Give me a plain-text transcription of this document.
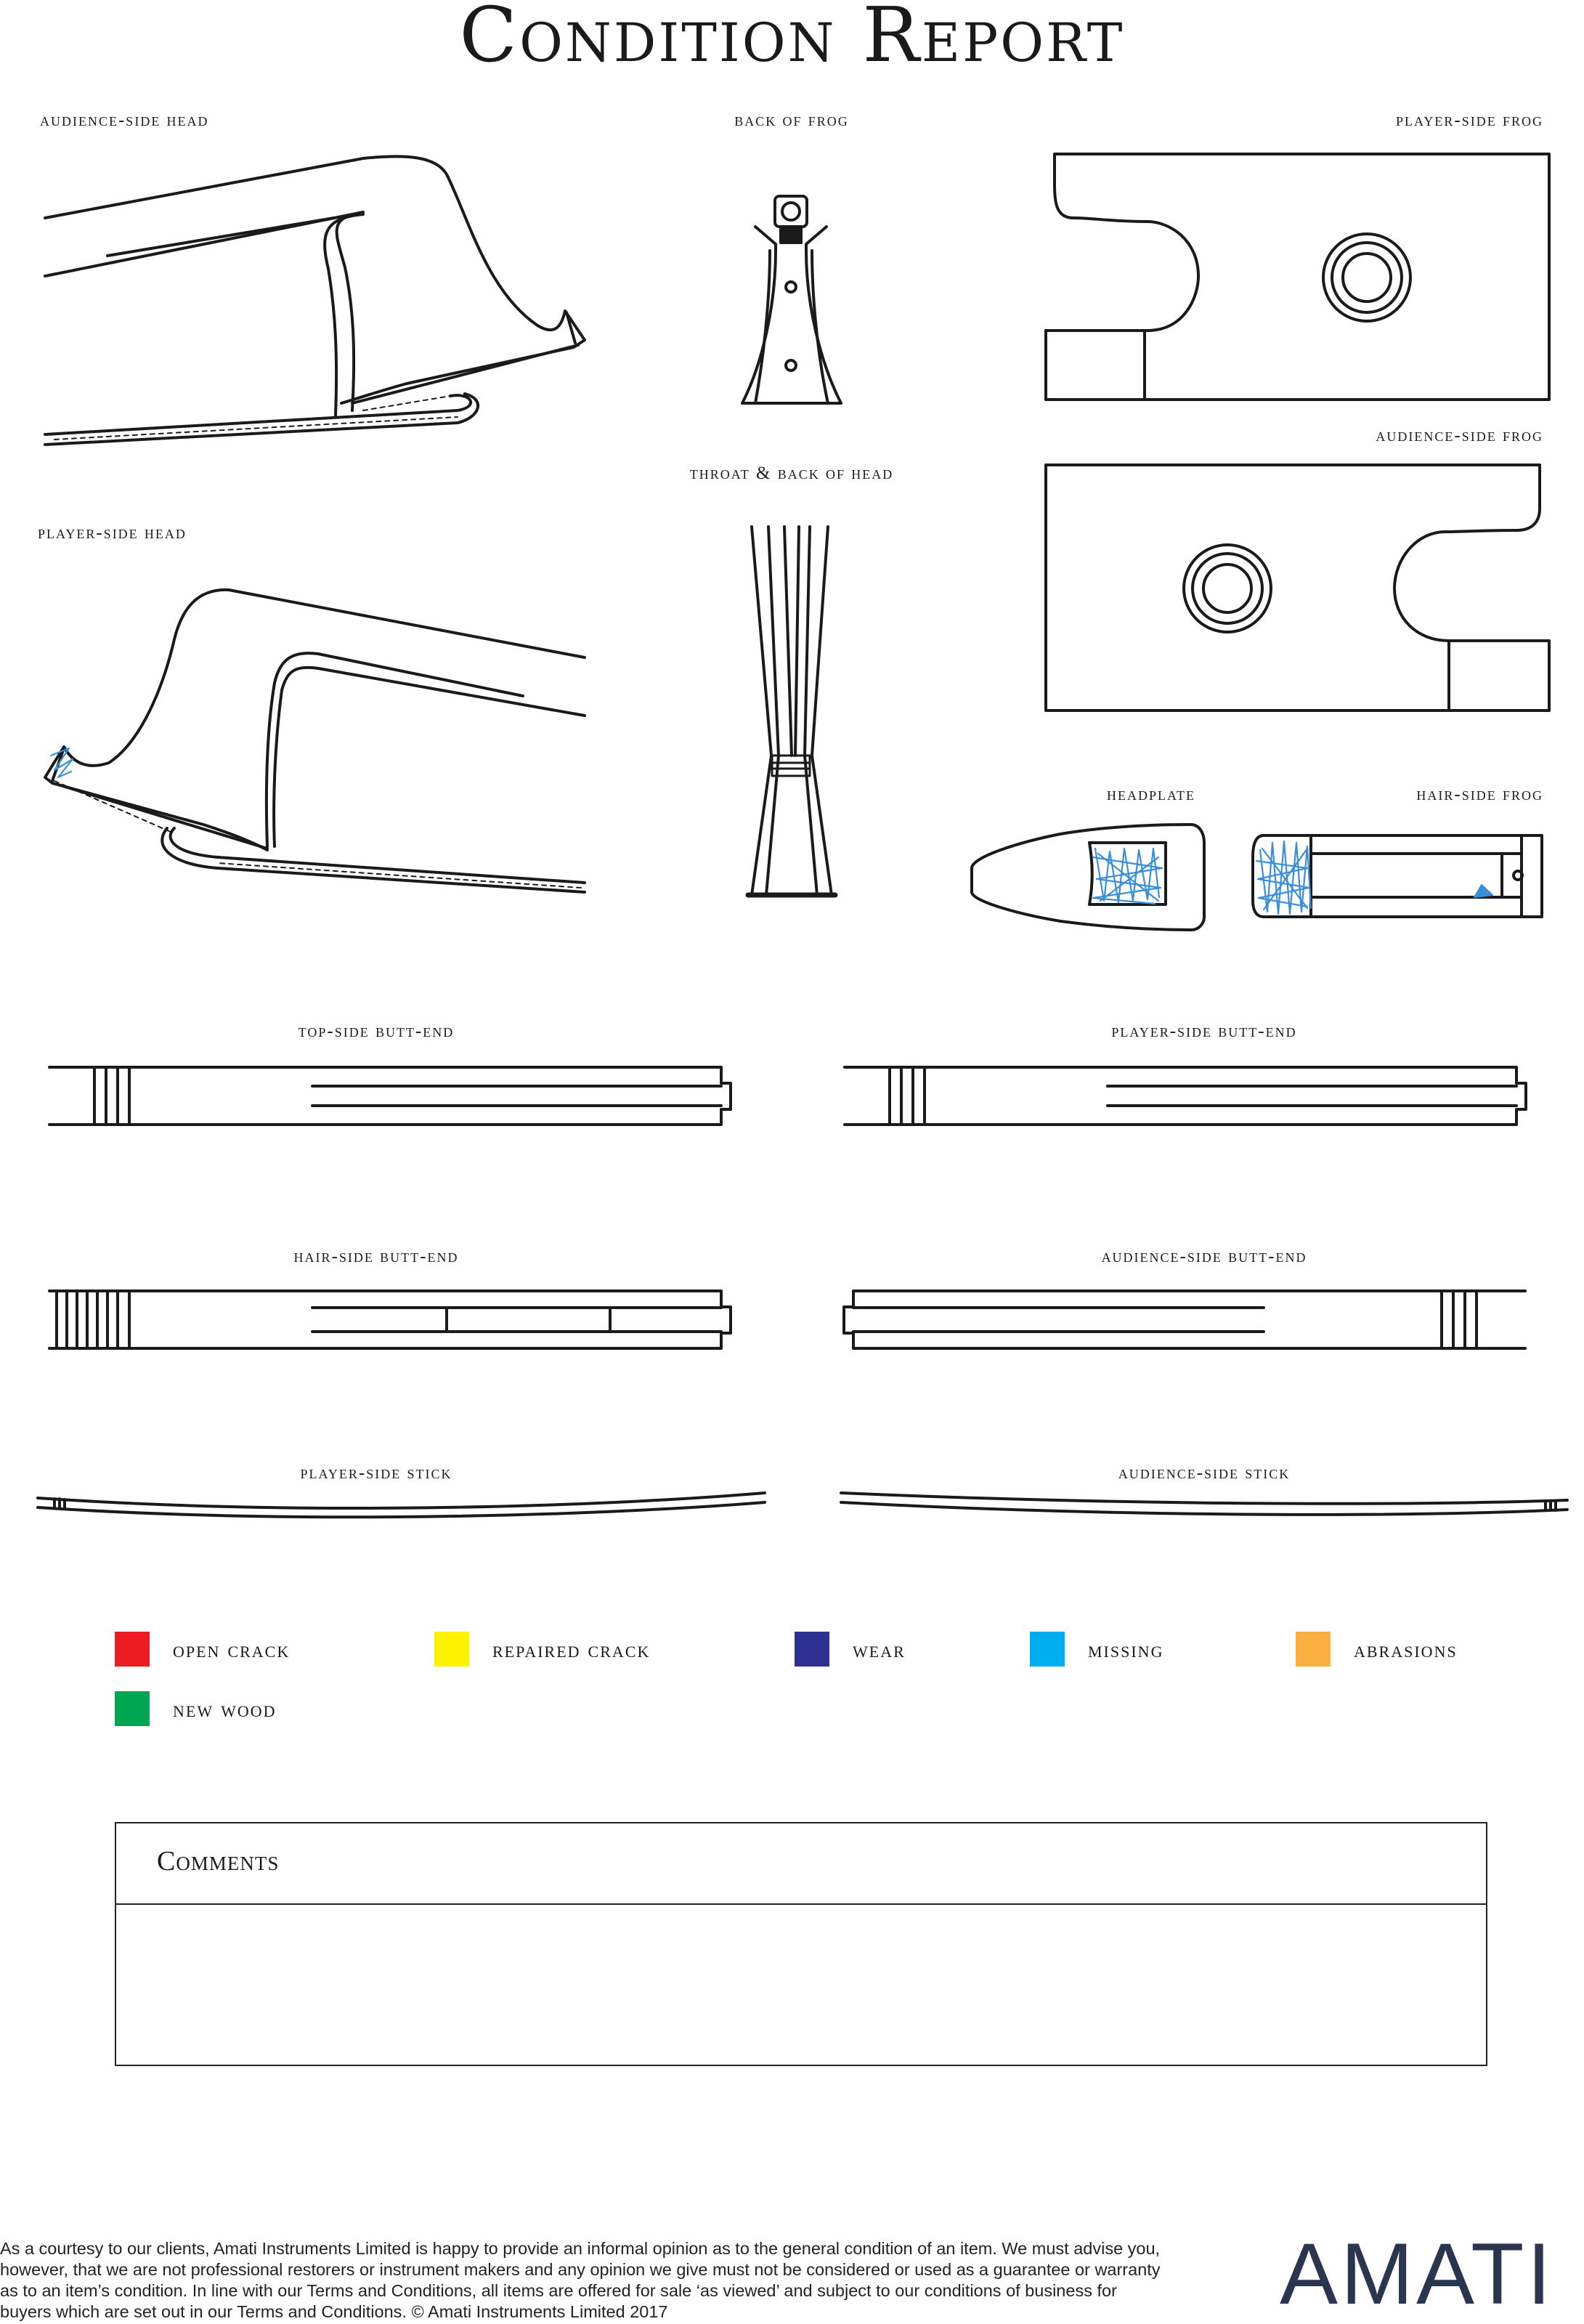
Condition Report
audience-side head	back of frog	player-side frog
throat & back of head
audience-side frog
player-side head
headplate	hair-side frog
top-side butt-end	player-side butt-end
hair-side butt-end	audience-side butt-end
player-side stick	audience-side stick
open crack	repaired crack	wear	missing	abrasions
new wood
Comments
As a courtesy to our clients, Amati Instruments Limited is happy to provide an informal opinion as to the general condition of an item. We must advise you, however, that we are not professional restorers or instrument makers and any opinion we give must not be considered or used as a guarantee or warranty as to an item’s condition. In line with our Terms and Conditions, all items are offered for sale ‘as viewed’ and subject to our conditions of business for buyers which are set out in our Terms and Conditions. © Amati Instruments Limited 2017	AMATI
